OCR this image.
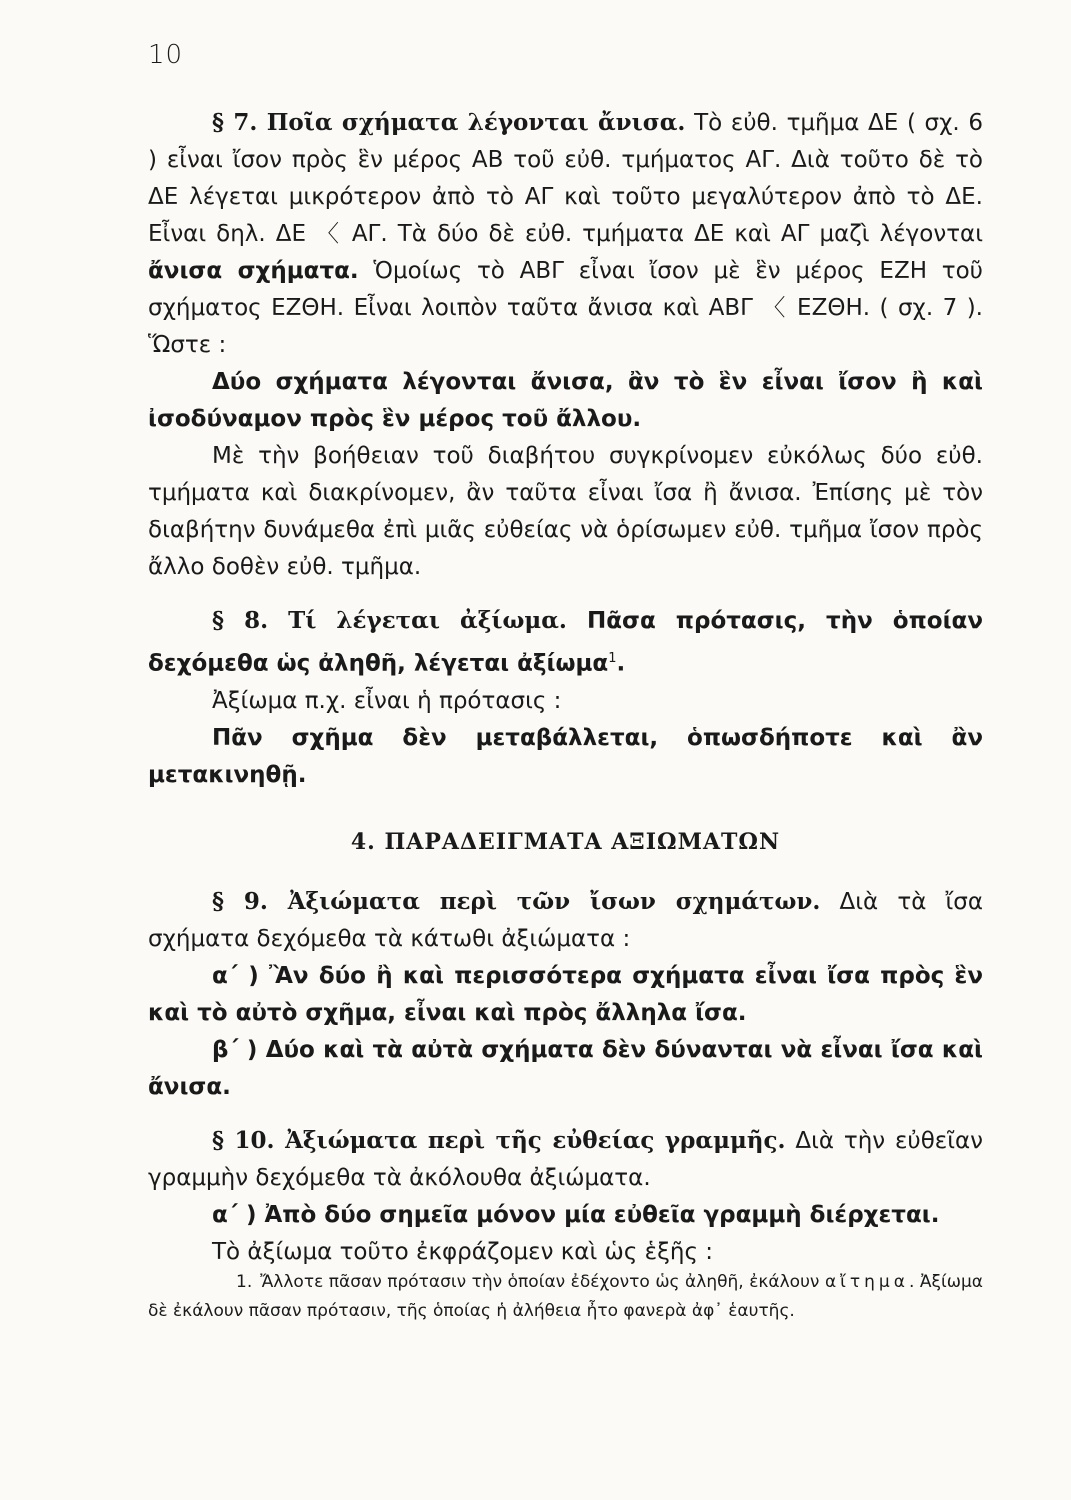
10

§ 7. Ποῖα σχήματα λέγονται ἄνισα. Τὸ εὐθ. τμῆμα ΔΕ ( σχ. 6 ) εἶναι ἴσον πρὸς ἓν μέρος ΑΒ τοῦ εὐθ. τμήματος ΑΓ. Διὰ τοῦτο δὲ τὸ ΔΕ λέγεται μικρότερον ἀπὸ τὸ ΑΓ καὶ τοῦτο μεγαλύτερον ἀπὸ τὸ ΔΕ. Εἶναι δηλ. ΔΕ 〈 ΑΓ. Τὰ δύο δὲ εὐθ. τμήματα ΔΕ καὶ ΑΓ μαζὶ λέγονται ἄνισα σχήματα. Ὁμοίως τὸ ΑΒΓ εἶναι ἴσον μὲ ἓν μέρος ΕΖΗ τοῦ σχήματος ΕΖΘΗ. Εἶναι λοιπὸν ταῦτα ἄνισα καὶ ΑΒΓ 〈 ΕΖΘΗ. ( σχ. 7 ). Ὥστε :

Δύο σχήματα λέγονται ἄνισα, ἂν τὸ ἓν εἶναι ἴσον ἢ καὶ ἰσοδύναμον πρὸς ἓν μέρος τοῦ ἄλλου.

Μὲ τὴν βοήθειαν τοῦ διαβήτου συγκρίνομεν εὐκόλως δύο εὐθ. τμήματα καὶ διακρίνομεν, ἂν ταῦτα εἶναι ἴσα ἢ ἄνισα. Ἐπίσης μὲ τὸν διαβήτην δυνάμεθα ἐπὶ μιᾶς εὐθείας νὰ ὁρίσωμεν εὐθ. τμῆμα ἴσον πρὸς ἄλλο δοθὲν εὐθ. τμῆμα.

§ 8. Τί λέγεται ἀξίωμα. Πᾶσα πρότασις, τὴν ὁποίαν δεχόμεθα ὡς ἀληθῆ, λέγεται ἀξίωμα$^1$.

Ἀξίωμα π.χ. εἶναι ἡ πρότασις :

Πᾶν σχῆμα δὲν μεταβάλλεται, ὁπωσδήποτε καὶ ἂν μετακινηθῇ.

4. ΠΑΡΑΔΕΙΓΜΑΤΑ ΑΞΙΩΜΑΤΩΝ

§ 9. Ἀξιώματα περὶ τῶν ἴσων σχημάτων. Διὰ τὰ ἴσα σχήματα δεχόμεθα τὰ κάτωθι ἀξιώματα :

α΄ ) Ἂν δύο ἢ καὶ περισσότερα σχήματα εἶναι ἴσα πρὸς ἓν καὶ τὸ αὐτὸ σχῆμα, εἶναι καὶ πρὸς ἄλληλα ἴσα.

β΄ ) Δύο καὶ τὰ αὐτὰ σχήματα δὲν δύνανται νὰ εἶναι ἴσα καὶ ἄνισα.

§ 10. Ἀξιώματα περὶ τῆς εὐθείας γραμμῆς. Διὰ τὴν εὐθεῖαν γραμμὴν δεχόμεθα τὰ ἀκόλουθα ἀξιώματα.

α΄ ) Ἀπὸ δύο σημεῖα μόνον μία εὐθεῖα γραμμὴ διέρχεται.

Τὸ ἀξίωμα τοῦτο ἐκφράζομεν καὶ ὡς ἑξῆς :

1. Ἄλλοτε πᾶσαν πρότασιν τὴν ὁποίαν ἐδέχοντο ὡς ἀληθῆ, ἐκάλουν αἴτημα. Ἀξίωμα δὲ ἐκάλουν πᾶσαν πρότασιν, τῆς ὁποίας ἡ ἀλήθεια ἦτο φανερὰ ἀφ᾿ ἑαυτῆς.
